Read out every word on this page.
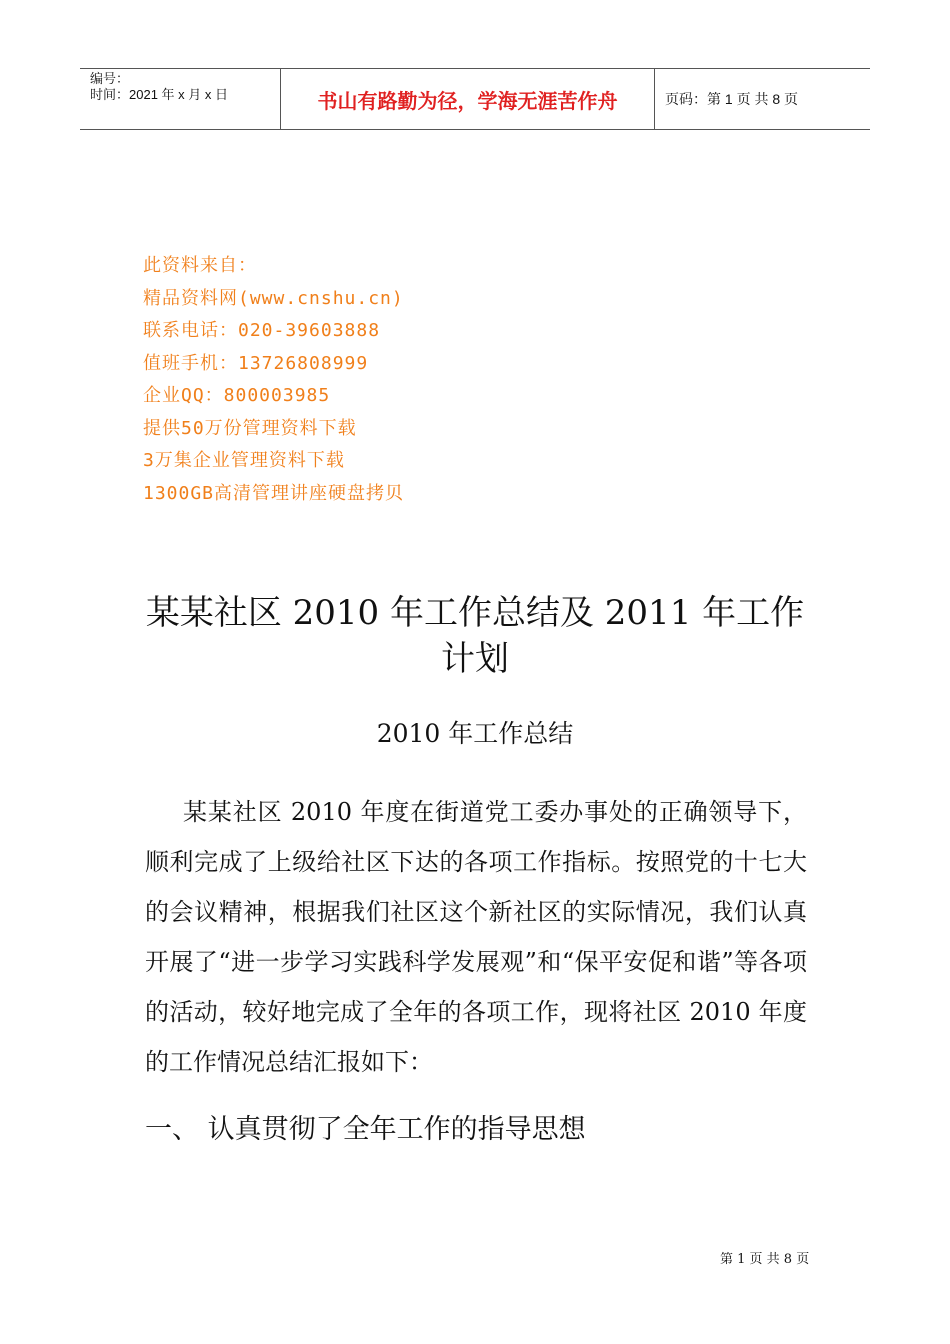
编号：
时间：2021 年 x 月 x 日	书山有路勤为径，学海无涯苦作舟	页码：第 1 页 共 8 页
此资料来自：
精品资料网(www.cnshu.cn)
联系电话：020-39603888
值班手机：13726808999
企业QQ：800003985
提供50万份管理资料下载
3万集企业管理资料下载
1300GB高清管理讲座硬盘拷贝
某某社区 2010 年工作总结及 2011 年工作计划
2010 年工作总结
某某社区 2010 年度在街道党工委办事处的正确领导下，顺利完成了上级给社区下达的各项工作指标。按照党的十七大的会议精神，根据我们社区这个新社区的实际情况，我们认真开展了“进一步学习实践科学发展观”和“保平安促和谐”等各项的活动，较好地完成了全年的各项工作，现将社区 2010 年度的工作情况总结汇报如下：
一、 认真贯彻了全年工作的指导思想
第 1 页 共 8 页
